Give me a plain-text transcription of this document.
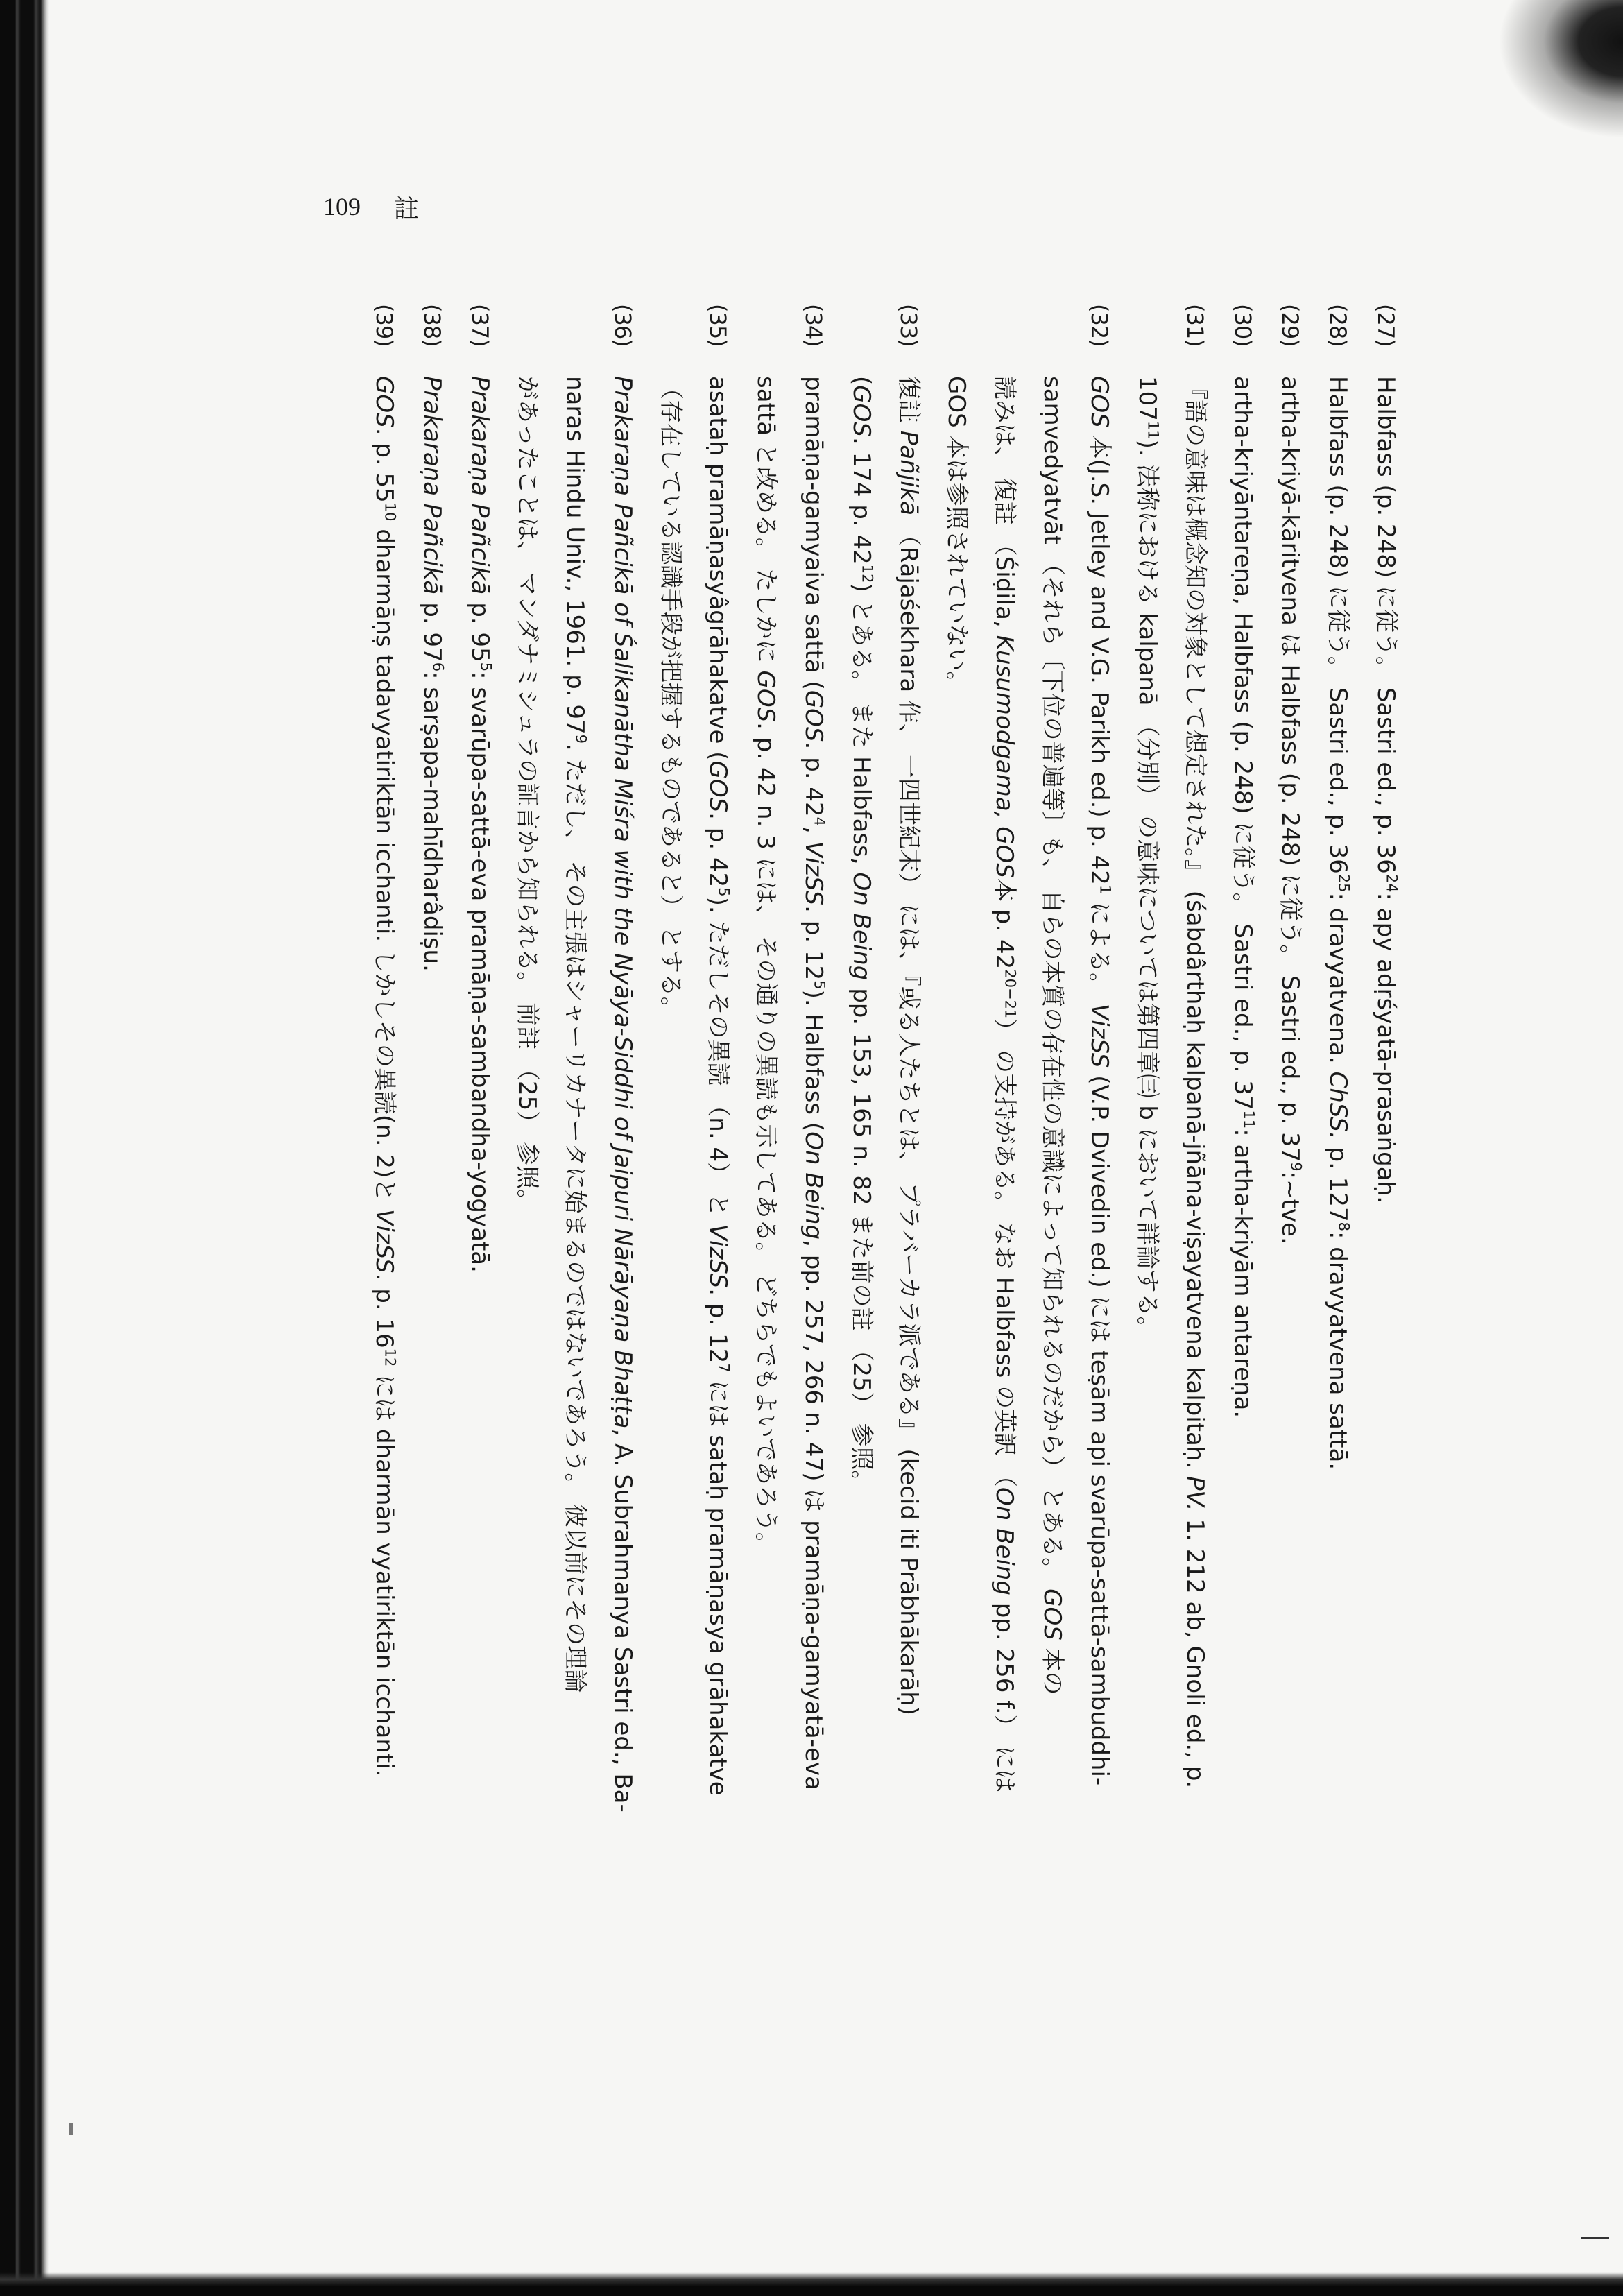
109 註
(27)
Halbfass (p. 248) に従う。 Sastri ed., p. $36^{24}$: apy adṛśyatā-prasaṅgaḥ.
(28)
Halbfass (p. 248) に従う。 Sastri ed., p. $36^{25}$: dravyatvena. ChSS. p. $127^8$: dravyatvena sattā.
(29)
artha-kriyā-kāritvena は Halbfass (p. 248) に従う。 Sastri ed., p. $37^9:\sim tve$.
(30)
artha-kriyāntareṇa, Halbfass (p. 248) に従う。 Sastri ed., p. $37^{11}$: artha-kriyām antareṇa.
(31)
『語の意味は概念知の対象として想定された。』 (śabdârthaḥ kalpanā-jñāna-viṣayatvena kalpitaḥ. PV. 1. 212 ab, Gnoli ed., p.
$107^{11}$). 法称における kalpanā （分別） の意味については第四章㈢ b において詳論する。
(32)
GOS 本(J.S. Jetley and V.G. Parikh ed.) p. $42^1$ による。 VizSS (V.P. Dvivedin ed.) には teṣām api svarūpa-sattā-sambuddhi-
saṃvedyatvāt （それら〔下位の普遍等〕も、 自らの本質の存在性の意識によって知られるのだから） とある。 GOS 本の
読みは、 復註 （Śiḍila, Kusumodgama, GOS本 p. $42^{20-21}$） の支持がある。 なお Halbfass の英訳 （On Being pp. 256 f.） には
GOS 本は参照されていない。
(33)
復註 Pañjikā （Rājaśekhara 作、 一四世紀末） には、『或る人たちとは、 プラバーカラ派である』 (kecid iti Prābhākarāḥ)
(GOS. 174 p. $42^{12}$) とある。 また Halbfass, On Being pp. 153, 165 n. 82 また前の註 （25） 参照。
(34)
pramāṇa-gamyaiva sattā (GOS. p. $42^4$, VizSS. p. $12^5$). Halbfass (On Being, pp. 257, 266 n. 47) は pramāṇa-gamyatā-eva
sattā と改める。 たしかに GOS. p. 42 n. 3 には、 その通りの異読も示してある。 どちらでもよいであろう。
(35)
asataḥ pramāṇasyâgrāhakatve (GOS. p. $42^5$). ただしその異読 （n. 4） と VizSS. p. $12^7$ には sataḥ pramāṇasya grāhakatve
（存在している認識手段が把握するものであると） とする。
(36)
Prakaraṇa Pañcikā of Śalikanātha Miśra with the Nyāya-Siddhi of Jaipuri Nārāyaṇa Bhaṭṭa, A. Subrahmanya Sastri ed., Ba-
naras Hindu Univ., 1961. p. $97^9$. ただし、 その主張はシャーリカナータに始まるのではないであろう。 彼以前にその理論
があったことは、 マンダナミシュラの証言から知られる。 前註 （25） 参照。
(37)
Prakaraṇa Pañcikā p. $95^5$: svarūpa-sattā-eva pramāṇa-sambandha-yogyatā.
(38)
Prakaraṇa Pañcikā p. $97^6$: sarṣapa-mahīdharâdiṣu.
(39)
GOS. p. $55^{10}$ dharmāṇṣ tadavyatiriktān icchanti. しかしその異読(n. 2)と VizSS. p. $16^{12}$ には dharmān vyatiriktān icchanti.
